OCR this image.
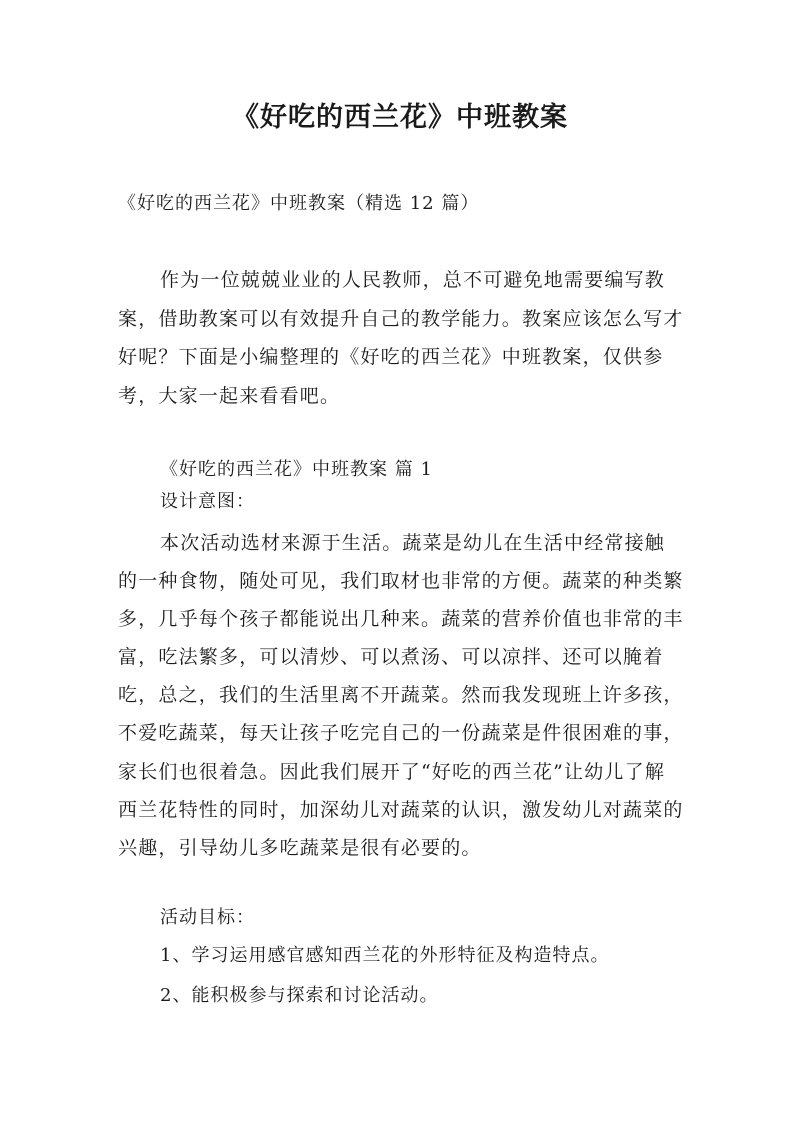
《好吃的西兰花》中班教案

《好吃的西兰花》中班教案（精选 12 篇）

作为一位兢兢业业的人民教师，总不可避免地需要编写教案，借助教案可以有效提升自己的教学能力。教案应该怎么写才好呢？下面是小编整理的《好吃的西兰花》中班教案，仅供参考，大家一起来看看吧。

《好吃的西兰花》中班教案 篇 1

设计意图：

本次活动选材来源于生活。蔬菜是幼儿在生活中经常接触的一种食物，随处可见，我们取材也非常的方便。蔬菜的种类繁多，几乎每个孩子都能说出几种来。蔬菜的营养价值也非常的丰富，吃法繁多，可以清炒、可以煮汤、可以凉拌、还可以腌着吃，总之，我们的生活里离不开蔬菜。然而我发现班上许多孩，不爱吃蔬菜，每天让孩子吃完自己的一份蔬菜是件很困难的事，家长们也很着急。因此我们展开了“好吃的西兰花”让幼儿了解西兰花特性的同时，加深幼儿对蔬菜的认识，激发幼儿对蔬菜的兴趣，引导幼儿多吃蔬菜是很有必要的。

活动目标：

1、学习运用感官感知西兰花的外形特征及构造特点。

2、能积极参与探索和讨论活动。
